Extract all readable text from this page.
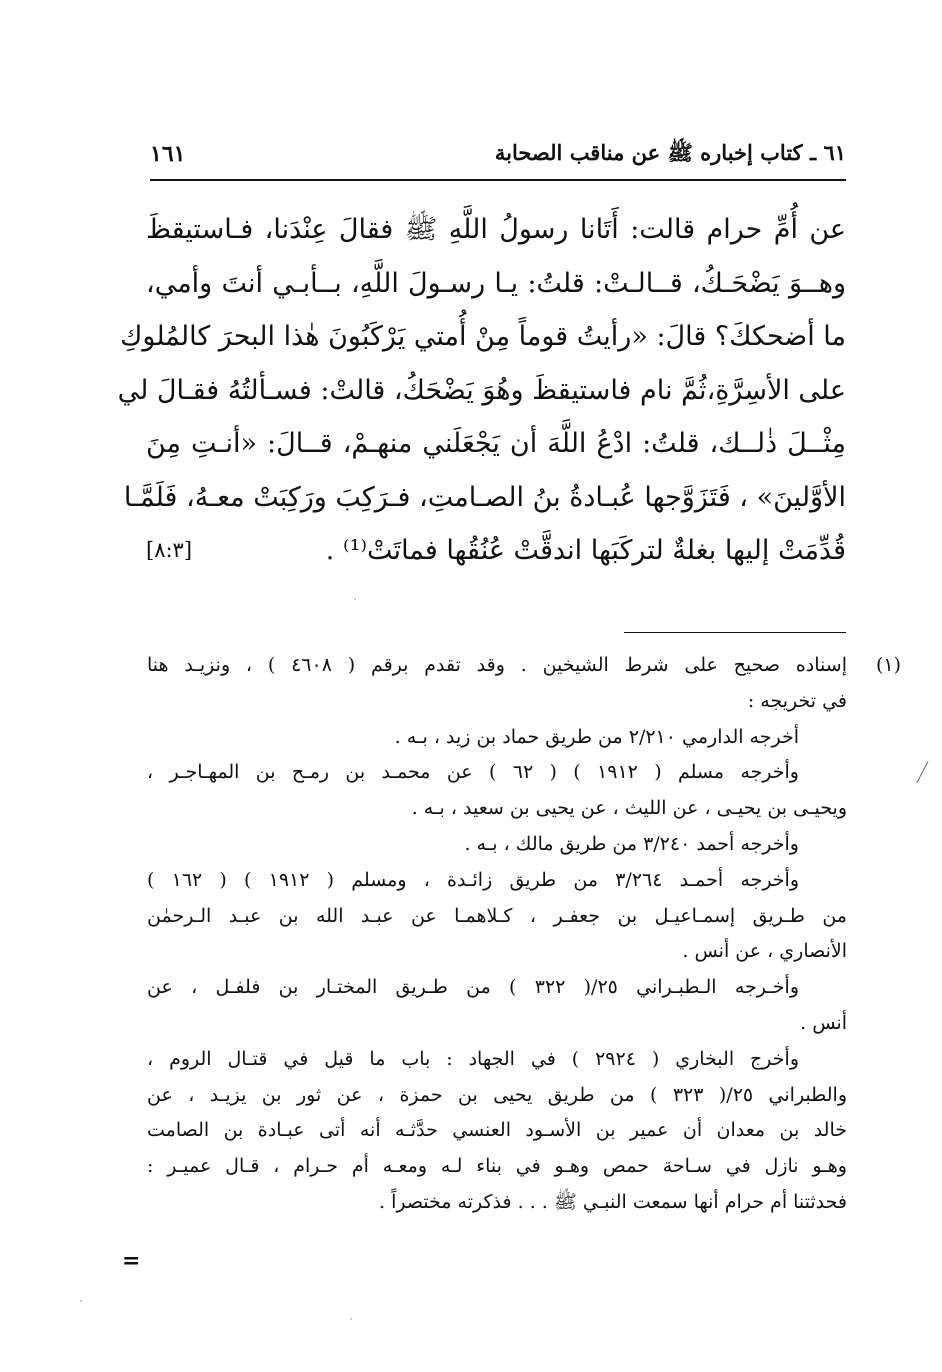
٦١ ـ كتاب إخباره ﷺ عن مناقب الصحابة
١٦١
عن أُمِّ حرام قالت: أَتَانا رسولُ اللَّهِ ﷺ فقالَ عِنْدَنا، فـاستيقظَ
وهــوَ يَضْحَـكُ، قــالـتْ: قلتُ: يـا رسـولَ اللَّهِ، بــأبـي أنتَ وأمي،
ما أضحككَ؟ قالَ: «رأيتُ قوماً مِنْ أُمتي يَرْكَبُونَ هٰذا البحرَ كالمُلوكِ
على الأسِرَّةِ،ثُمَّ نام فاستيقظَ وهُوَ يَضْحَكُ، قالتْ: فسـألتُهُ فقـالَ لي
مِثْــلَ ذٰلــك، قلتُ: ادْعُ اللَّهَ أن يَجْعَلَني منهـمْ، قــالَ: «أنـتِ مِنَ
الأوَّلينَ» ، فَتَزَوَّجها عُبـادةُ بنُ الصـامتِ، فـرَكِبَ ورَكِبَتْ معـهُ، فَلَمَّـا
قُدِّمَتْ إليها بغلةٌ لتركَبَها اندقَّتْ عُنُقُها فماتَتْ⁽¹⁾ .
[٨:٣]
(١)
إسناده صحيح على شرط الشيخين . وقد تقدم برقم ( ٤٦٠٨ ) ، ونزيـد هنا
في تخريجه :
أخرجه الدارمي ٢/٢١٠ من طريق حماد بن زيد ، بـه .
وأخرجه مسلم ( ١٩١٢ ) ( ٦٢ ) عن محمـد بن رمـح بن المهـاجـر ،
ويحيـى بن يحيـى ، عن الليث ، عن يحيى بن سعيد ، بـه .
وأخرجه أحمد ٣/٢٤٠ من طريق مالك ، بـه .
وأخرجه أحمـد ٣/٢٦٤ من طريق زائـدة ، ومسلم ( ١٩١٢ ) ( ١٦٢ )
من طـريق إسمـاعيـل بن جعفـر ، كـلاهمـا عن عبـد الله بن عبـد الـرحمٰن
الأنصاري ، عن أنس .
وأخـرجه الـطبـراني ٢٥/( ٣٢٢ ) من طـريق المختـار بن فلفـل ، عن
أنس .
وأخرج البخاري ( ٢٩٢٤ ) في الجهاد : باب ما قيل في قتـال الروم ،
والطبراني ٢٥/( ٣٢٣ ) من طريق يحيى بن حمزة ، عن ثور بن يزيـد ، عن
خالد بن معدان أن عمير بن الأسـود العنسي حدَّثـه أنه أتى عبـادة بن الصامت
وهـو نازل في سـاحة حمص وهـو في بناء لـه ومعـه أم حـرام ، قـال عميـر :
فحدثتنا أم حرام أنها سمعت النبـي ﷺ . . . فذكرته مختصراً .
=
